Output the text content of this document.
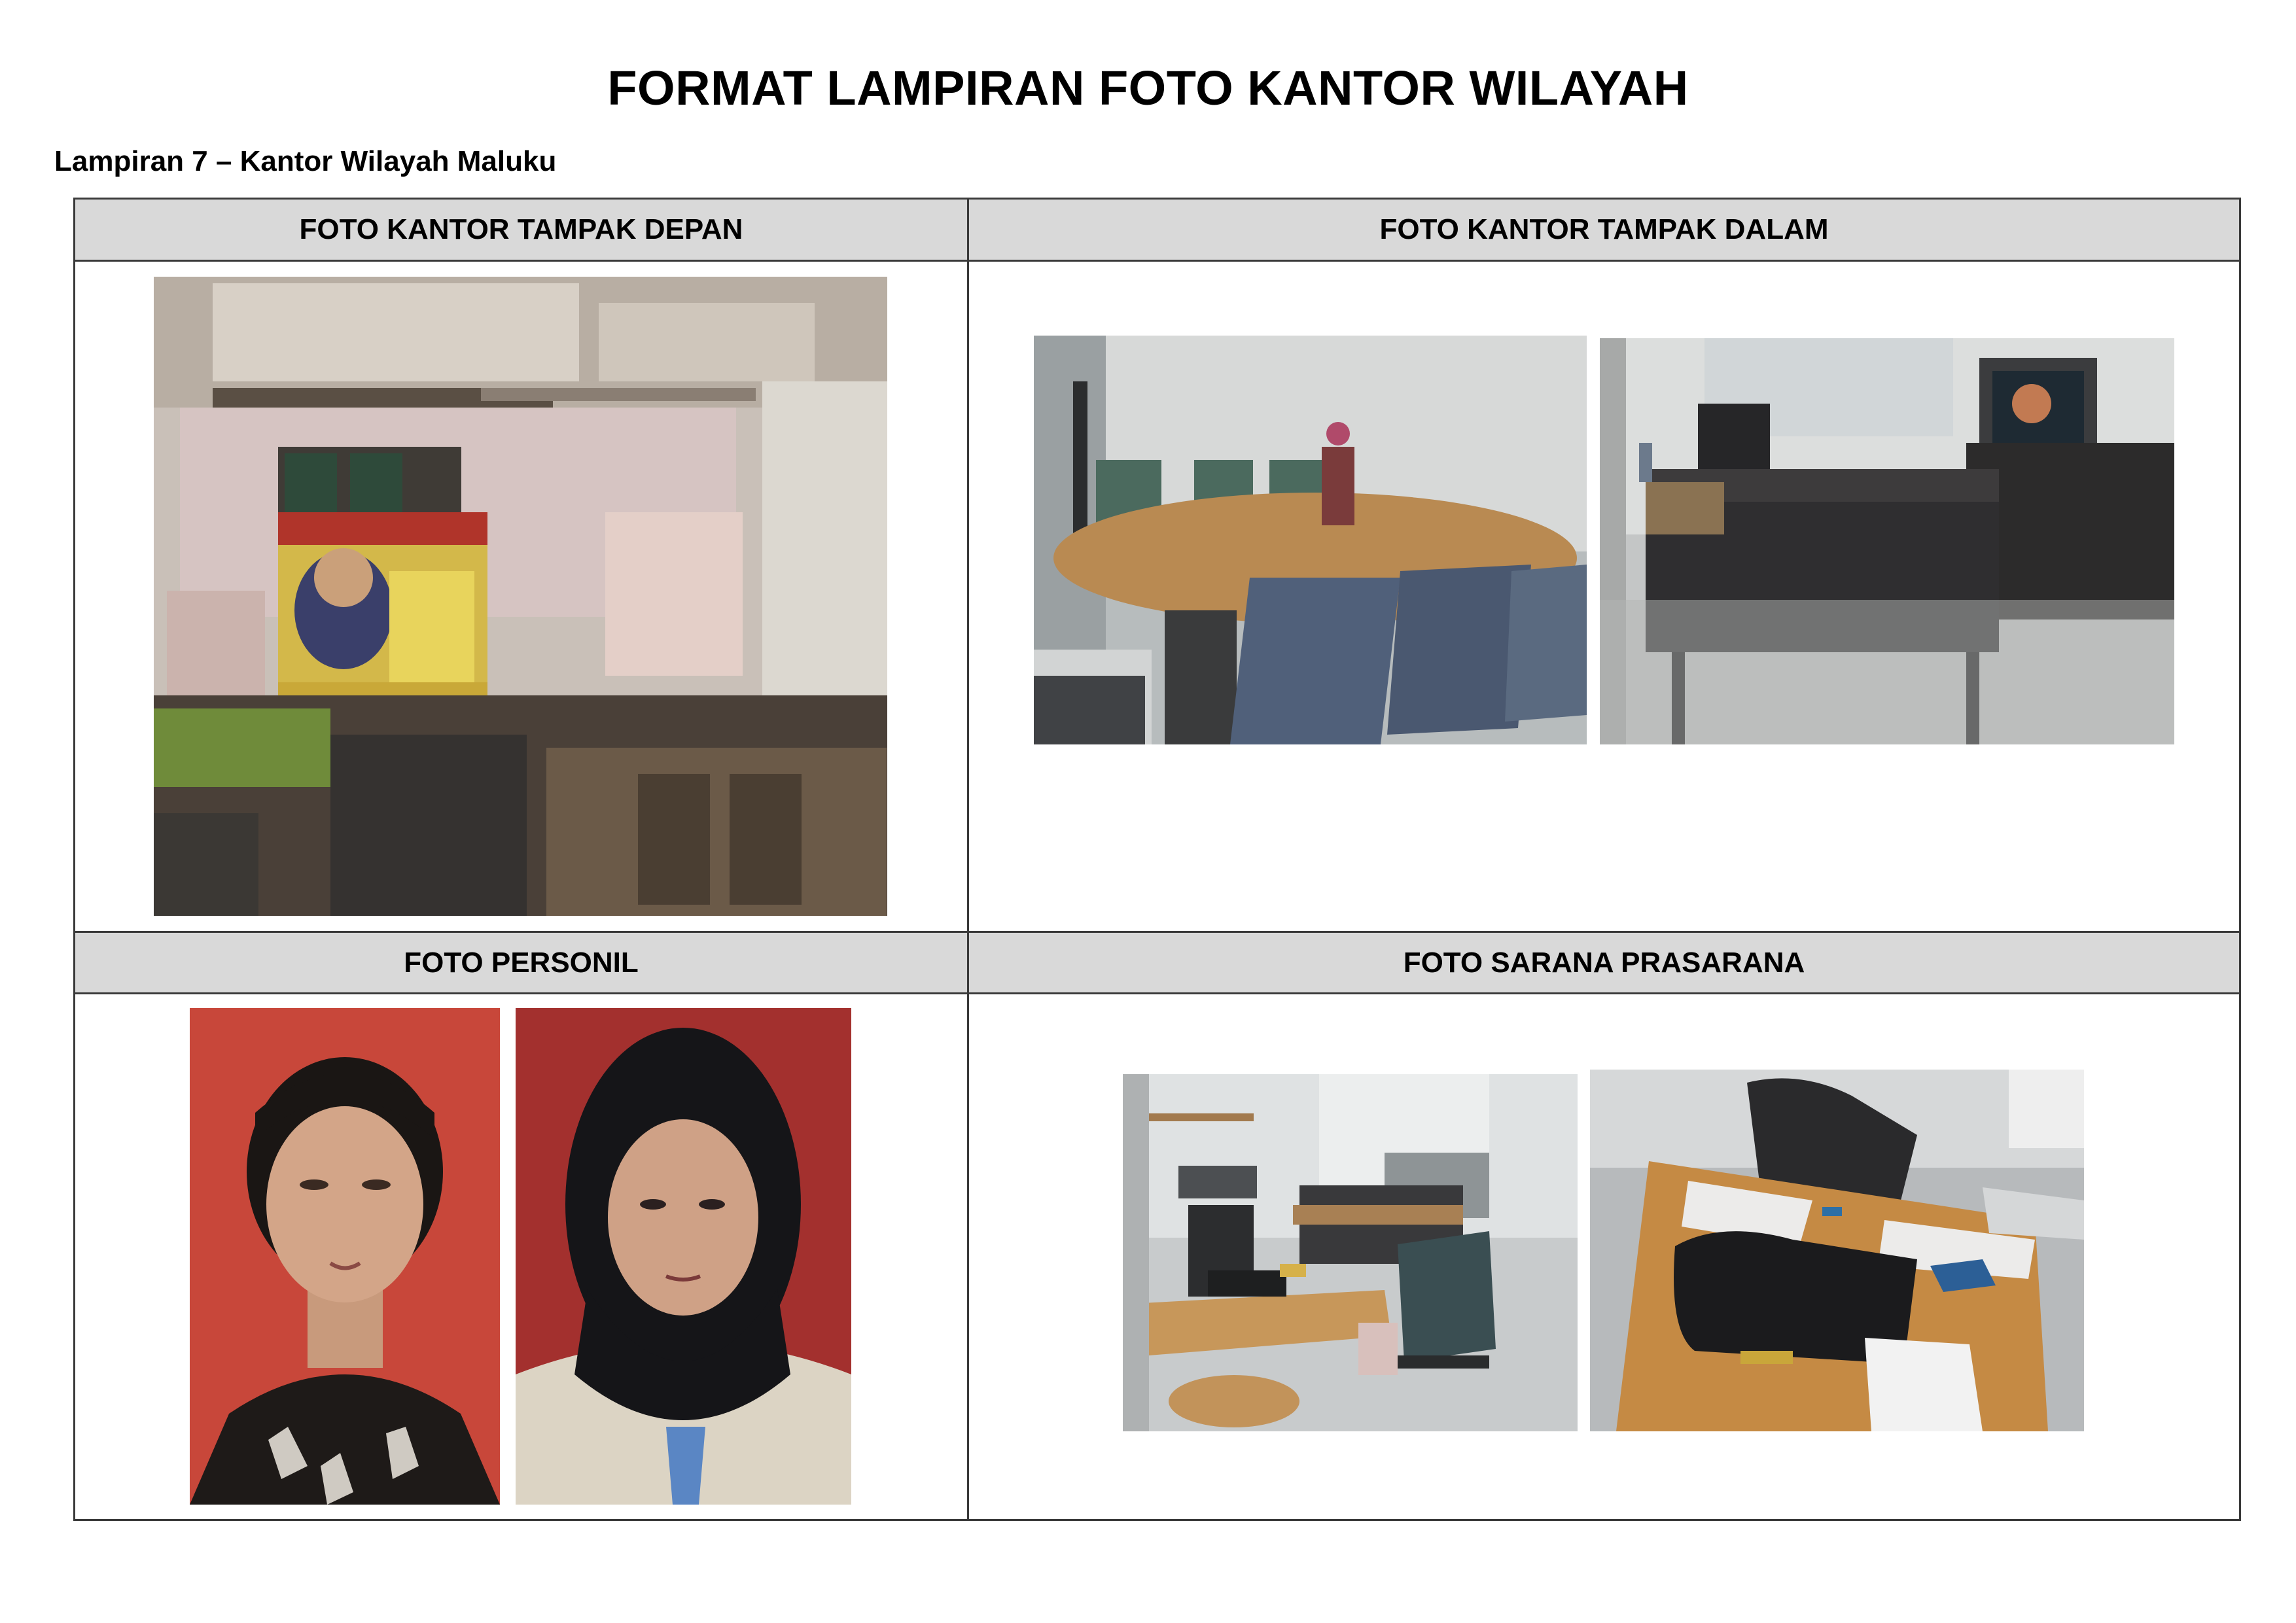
FORMAT LAMPIRAN FOTO KANTOR WILAYAH
Lampiran 7 – Kantor Wilayah Maluku
FOTO KANTOR TAMPAK DEPAN	FOTO KANTOR TAMPAK DALAM
FOTO PERSONIL	FOTO SARANA PRASARANA
